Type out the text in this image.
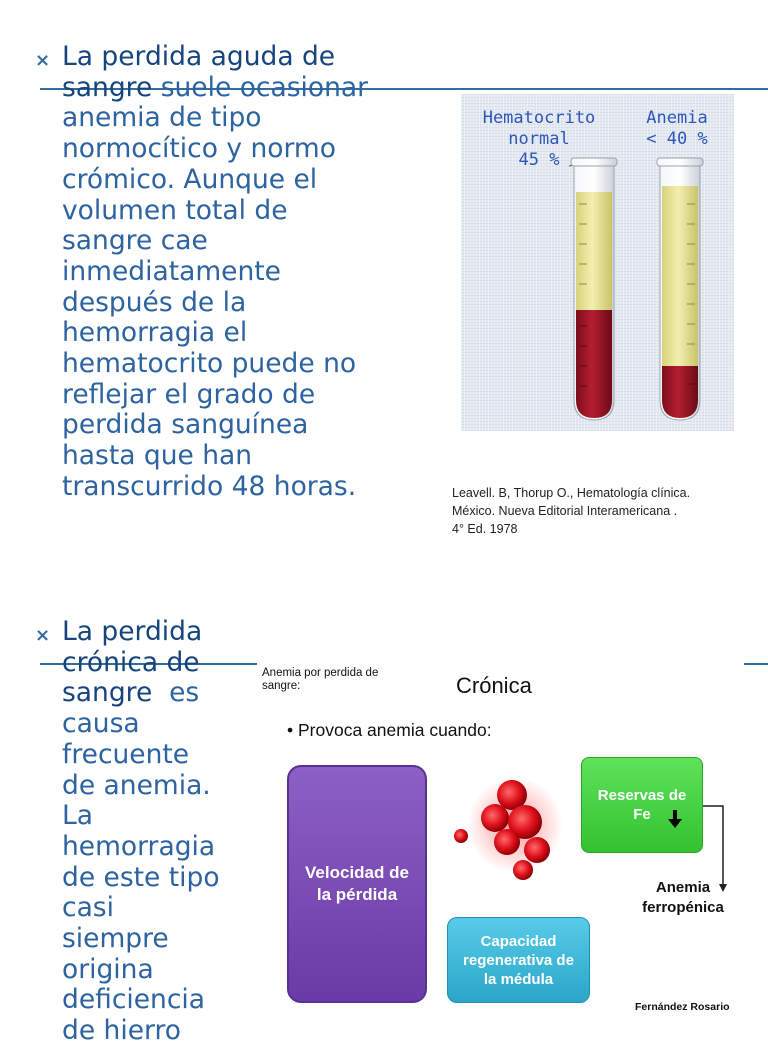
× La perdida aguda de
sangre suele ocasionar
anemia de tipo
normocítico y normo
crómico. Aunque el
volumen total de
sangre cae
inmediatamente
después de la
hemorragia el
hematocrito puede no
reflejar el grado de
perdida sanguínea
hasta que han
transcurrido 48 horas.
Hematocrito
normal
45 %
Anemia
< 40 %
Leavell. B, Thorup O., Hematología clínica.
México. Nueva Editorial Interamericana .
4° Ed. 1978
× La perdida
crónica de
sangre  es
causa
frecuente
de anemia.
La
hemorragia
de este tipo
casi
siempre
origina
deficiencia
de hierro
Anemia por perdida de
sangre:	Crónica
• Provoca anemia cuando:
Velocidad de
la pérdida
Reservas de
Fe
Anemia
ferropénica
Capacidad
regenerativa de
la médula
Fernández Rosario
